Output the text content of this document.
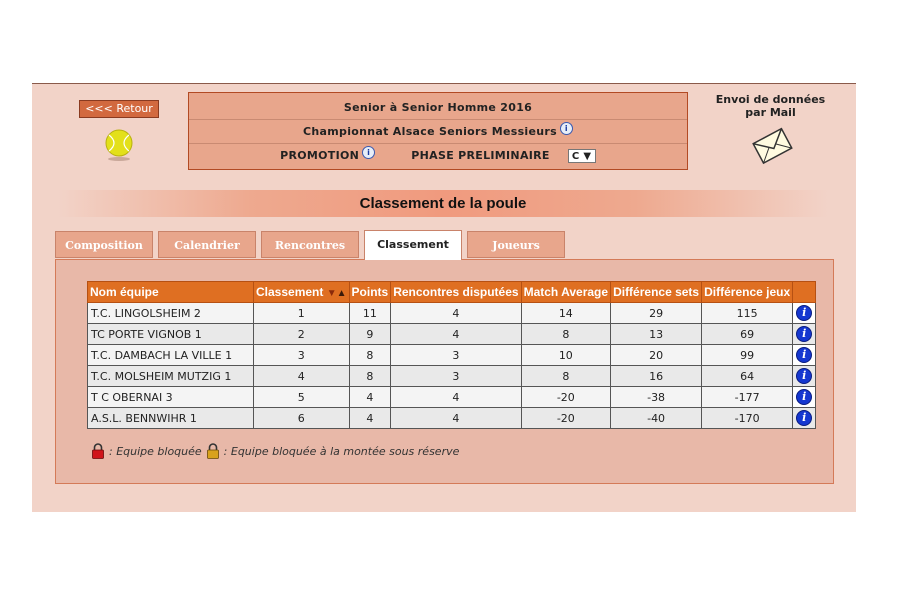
<<< Retour	Senior à Senior Homme 2016
Championnat Alsace Seniors Messieurs i
PROMOTION i	PHASE PRELIMINAIRE C ▼
Envoi de données
par Mail
Classement de la poule
Composition	Calendrier	Rencontres	Classement	Joueurs
Nom équipe	Classement ▼▲	Points	Rencontres disputées	Match Average	Différence sets	Différence jeux	
T.C. LINGOLSHEIM 2	1	11	4	14	29	115	i
TC PORTE VIGNOB 1	2	9	4	8	13	69	i
T.C. DAMBACH LA VILLE 1	3	8	3	10	20	99	i
T.C. MOLSHEIM MUTZIG 1	4	8	3	8	16	64	i
T C OBERNAI 3	5	4	4	-20	-38	-177	i
A.S.L. BENNWIHR 1	6	4	4	-20	-40	-170	i
: Equipe bloquée : Equipe bloquée à la montée sous réserve
